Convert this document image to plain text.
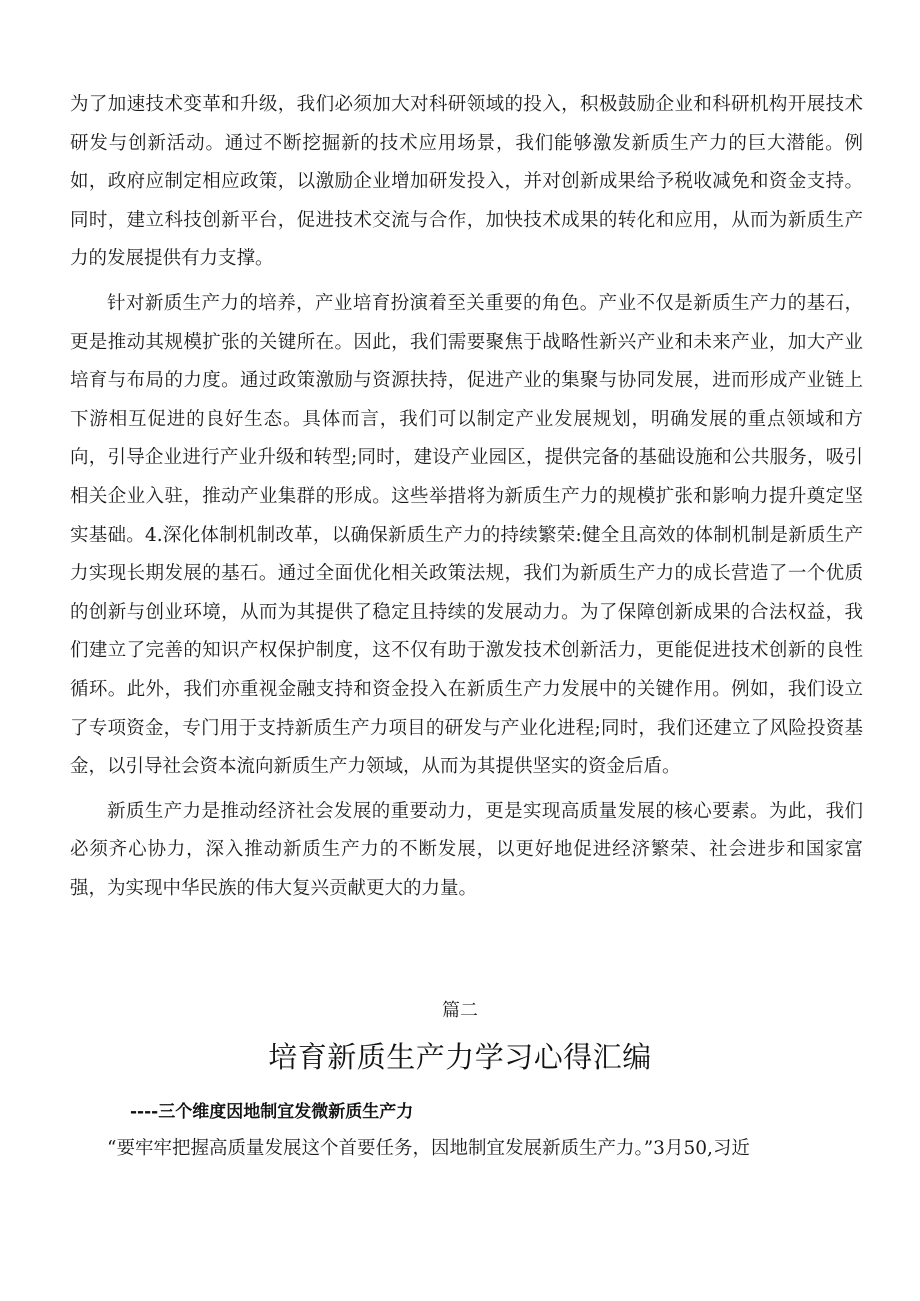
为了加速技术变革和升级，我们必须加大对科研领域的投入，积极鼓励企业和科研机构开展技术研发与创新活动。通过不断挖掘新的技术应用场景，我们能够激发新质生产力的巨大潜能。例如，政府应制定相应政策，以激励企业增加研发投入，并对创新成果给予税收减免和资金支持。同时，建立科技创新平台，促进技术交流与合作，加快技术成果的转化和应用，从而为新质生产力的发展提供有力支撑。

针对新质生产力的培养，产业培育扮演着至关重要的角色。产业不仅是新质生产力的基石，更是推动其规模扩张的关键所在。因此，我们需要聚焦于战略性新兴产业和未来产业，加大产业培育与布局的力度。通过政策激励与资源扶持，促进产业的集聚与协同发展，进而形成产业链上下游相互促进的良好生态。具体而言，我们可以制定产业发展规划，明确发展的重点领域和方向，引导企业进行产业升级和转型;同时，建设产业园区，提供完备的基础设施和公共服务，吸引相关企业入驻，推动产业集群的形成。这些举措将为新质生产力的规模扩张和影响力提升奠定坚实基础。4.深化体制机制改革，以确保新质生产力的持续繁荣:健全且高效的体制机制是新质生产力实现长期发展的基石。通过全面优化相关政策法规，我们为新质生产力的成长营造了一个优质的创新与创业环境，从而为其提供了稳定且持续的发展动力。为了保障创新成果的合法权益，我们建立了完善的知识产权保护制度，这不仅有助于激发技术创新活力，更能促进技术创新的良性循环。此外，我们亦重视金融支持和资金投入在新质生产力发展中的关键作用。例如，我们设立了专项资金，专门用于支持新质生产力项目的研发与产业化进程;同时，我们还建立了风险投资基金，以引导社会资本流向新质生产力领域，从而为其提供坚实的资金后盾。

新质生产力是推动经济社会发展的重要动力，更是实现高质量发展的核心要素。为此，我们必须齐心协力，深入推动新质生产力的不断发展，以更好地促进经济繁荣、社会进步和国家富强，为实现中华民族的伟大复兴贡献更大的力量。

篇二
培育新质生产力学习心得汇编
----三个维度因地制宜发微新质生产力
“要牢牢把握高质量发展这个首要任务，因地制宜发展新质生产力。”3月50,习近
